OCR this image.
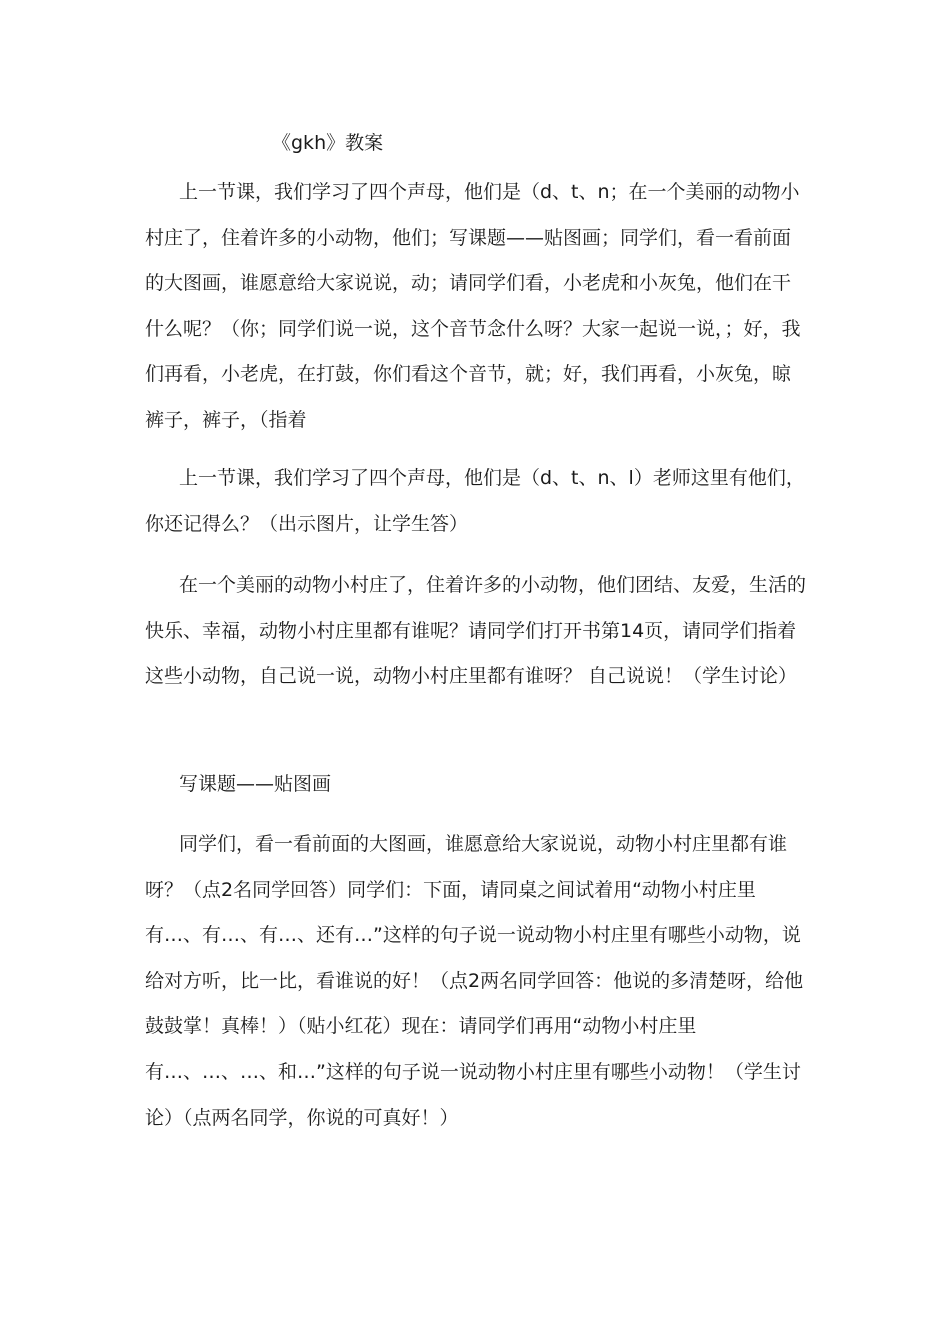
《gkh》教案

上一节课，我们学习了四个声母，他们是（d、t、n；在一个美丽的动物小村庄了，住着许多的小动物，他们；写课题——贴图画；同学们，看一看前面的大图画，谁愿意给大家说说，动；请同学们看，小老虎和小灰兔，他们在干什么呢？（你；同学们说一说，这个音节念什么呀？大家一起说一说，；好，我们再看，小老虎，在打鼓，你们看这个音节，就；好，我们再看，小灰兔，晾裤子，裤子，（指着

上一节课，我们学习了四个声母，他们是（d、t、n、l）老师这里有他们，你还记得么？（出示图片，让学生答）

在一个美丽的动物小村庄了，住着许多的小动物，他们团结、友爱，生活的快乐、幸福，动物小村庄里都有谁呢？请同学们打开书第14页，请同学们指着这些小动物，自己说一说，动物小村庄里都有谁呀？ 自己说说！（学生讨论）

写课题——贴图画

同学们，看一看前面的大图画，谁愿意给大家说说，动物小村庄里都有谁呀？（点2名同学回答）同学们：下面，请同桌之间试着用“动物小村庄里有…、有…、有…、还有…”这样的句子说一说动物小村庄里有哪些小动物，说给对方听，比一比，看谁说的好！（点2两名同学回答：他说的多清楚呀，给他鼓鼓掌！真棒！）（贴小红花）现在：请同学们再用“动物小村庄里有…、…、…、和…”这样的句子说一说动物小村庄里有哪些小动物！（学生讨论）（点两名同学，你说的可真好！）
